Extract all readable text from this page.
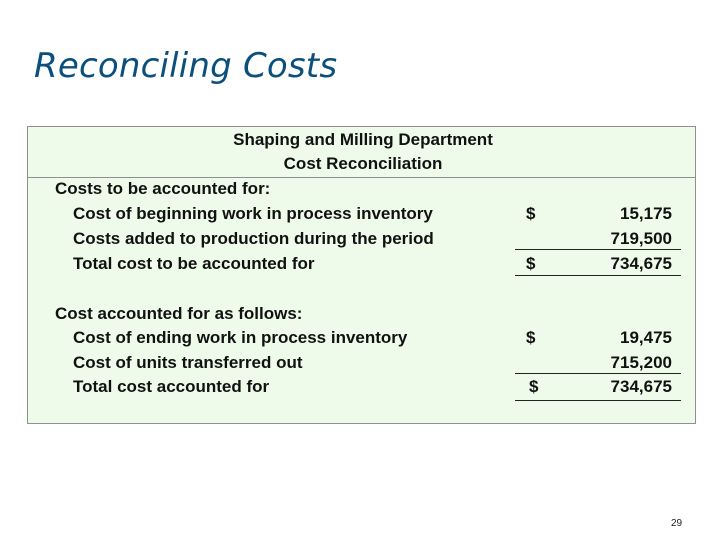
Reconciling Costs
Shaping and Milling Department
Cost Reconciliation
Costs to be accounted for:
Cost of beginning work in process inventory	$	15,175
Costs added to production during the period	719,500
Total cost to be accounted for	$	734,675
Cost accounted for as follows:
Cost of ending work in process inventory	$	19,475
Cost of units transferred out	715,200
Total cost accounted for	$	734,675
29
